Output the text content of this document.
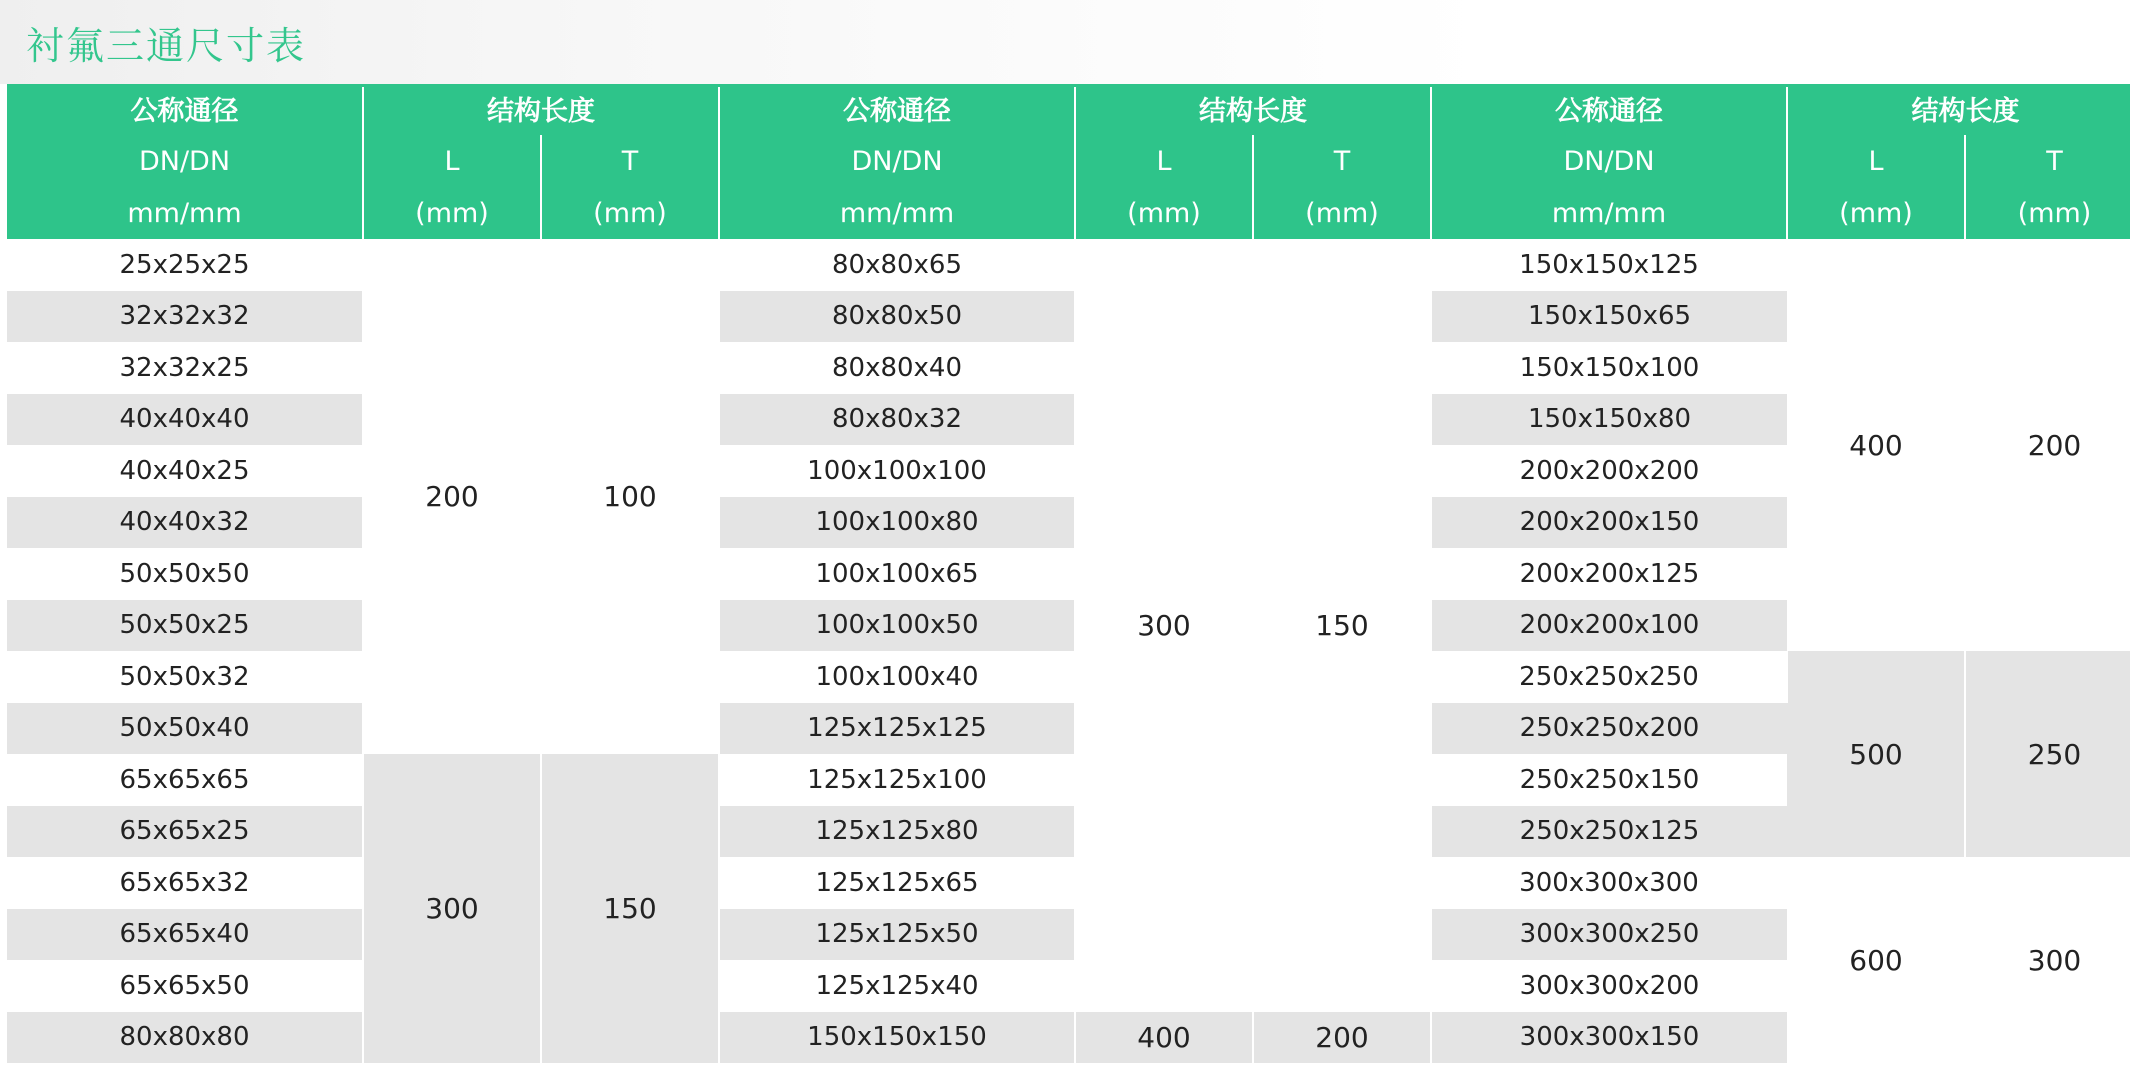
衬氟三通尺寸表
公称通径	结构长度		公称通径	结构长度		公称通径	结构长度	
DN/DN	L	T	DN/DN	L	T	DN/DN	L	T
mm/mm	(mm)	(mm)	mm/mm	(mm)	(mm)	mm/mm	(mm)	(mm)
25x25x25	200	100	80x80x65	300	150	150x150x125	400	200
32x32x32			80x80x50			150x150x65		
32x32x25			80x80x40			150x150x100		
40x40x40			80x80x32			150x150x80		
40x40x25			100x100x100			200x200x200		
40x40x32			100x100x80			200x200x150		
50x50x50			100x100x65			200x200x125		
50x50x25			100x100x50			200x200x100		
50x50x32			100x100x40			250x250x250	500	250
50x50x40			125x125x125			250x250x200		
65x65x65	300	150	125x125x100			250x250x150		
65x65x25			125x125x80			250x250x125		
65x65x32			125x125x65			300x300x300	600	300
65x65x40			125x125x50			300x300x250		
65x65x50			125x125x40			300x300x200		
80x80x80			150x150x150	400	200	300x300x150		
